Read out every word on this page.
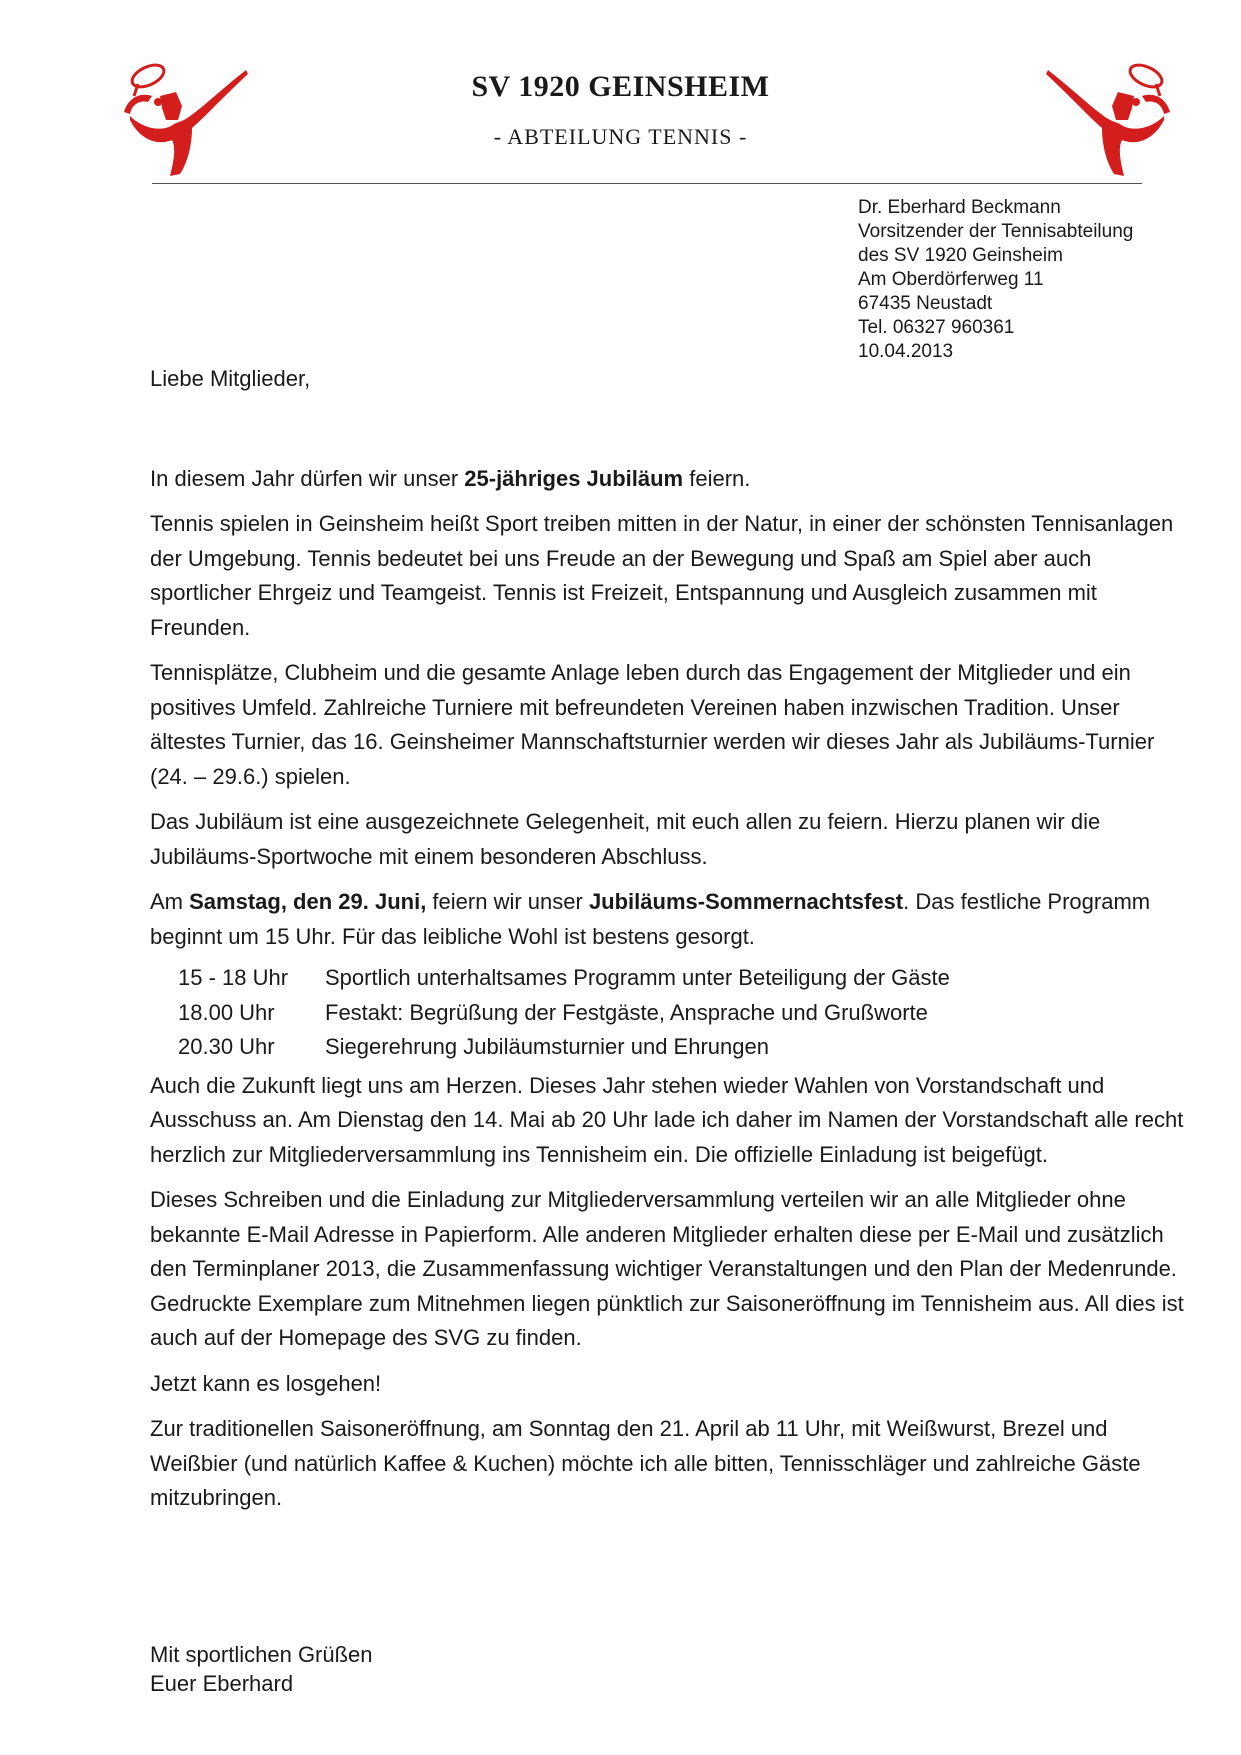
SV 1920 GEINSHEIM
- ABTEILUNG TENNIS -
Dr. Eberhard Beckmann
Vorsitzender der Tennisabteilung
des SV 1920 Geinsheim
Am Oberdörferweg 11
67435 Neustadt
Tel. 06327 960361
10.04.2013

Liebe Mitglieder,

In diesem Jahr dürfen wir unser 25-jähriges Jubiläum feiern.

Tennis spielen in Geinsheim heißt Sport treiben mitten in der Natur, in einer der schönsten Tennisanlagen der Umgebung. Tennis bedeutet bei uns Freude an der Bewegung und Spaß am Spiel aber auch sportlicher Ehrgeiz und Teamgeist. Tennis ist Freizeit, Entspannung und Ausgleich zusammen mit Freunden.

Tennisplätze, Clubheim und die gesamte Anlage leben durch das Engagement der Mitglieder und ein positives Umfeld. Zahlreiche Turniere mit befreundeten Vereinen haben inzwischen Tradition. Unser ältestes Turnier, das 16. Geinsheimer Mannschaftsturnier werden wir dieses Jahr als Jubiläums-Turnier (24. – 29.6.) spielen.

Das Jubiläum ist eine ausgezeichnete Gelegenheit, mit euch allen zu feiern. Hierzu planen wir die Jubiläums-Sportwoche mit einem besonderen Abschluss.

Am Samstag, den 29. Juni, feiern wir unser Jubiläums-Sommernachtsfest. Das festliche Programm beginnt um 15 Uhr. Für das leibliche Wohl ist bestens gesorgt.

15 - 18 Uhr	Sportlich unterhaltsames Programm unter Beteiligung der Gäste
18.00 Uhr	Festakt: Begrüßung der Festgäste, Ansprache und Grußworte
20.30 Uhr	Siegerehrung Jubiläumsturnier und Ehrungen

Auch die Zukunft liegt uns am Herzen. Dieses Jahr stehen wieder Wahlen von Vorstandschaft und Ausschuss an. Am Dienstag den 14. Mai ab 20 Uhr lade ich daher im Namen der Vorstandschaft alle recht herzlich zur Mitgliederversammlung ins Tennisheim ein. Die offizielle Einladung ist beigefügt.

Dieses Schreiben und die Einladung zur Mitgliederversammlung verteilen wir an alle Mitglieder ohne bekannte E-Mail Adresse in Papierform. Alle anderen Mitglieder erhalten diese per E-Mail und zusätzlich den Terminplaner 2013, die Zusammenfassung wichtiger Veranstaltungen und den Plan der Medenrunde. Gedruckte Exemplare zum Mitnehmen liegen pünktlich zur Saisoneröffnung im Tennisheim aus. All dies ist auch auf der Homepage des SVG zu finden.

Jetzt kann es losgehen!

Zur traditionellen Saisoneröffnung, am Sonntag den 21. April ab 11 Uhr, mit Weißwurst, Brezel und Weißbier (und natürlich Kaffee & Kuchen) möchte ich alle bitten, Tennisschläger und zahlreiche Gäste mitzubringen.

Mit sportlichen Grüßen
Euer Eberhard
